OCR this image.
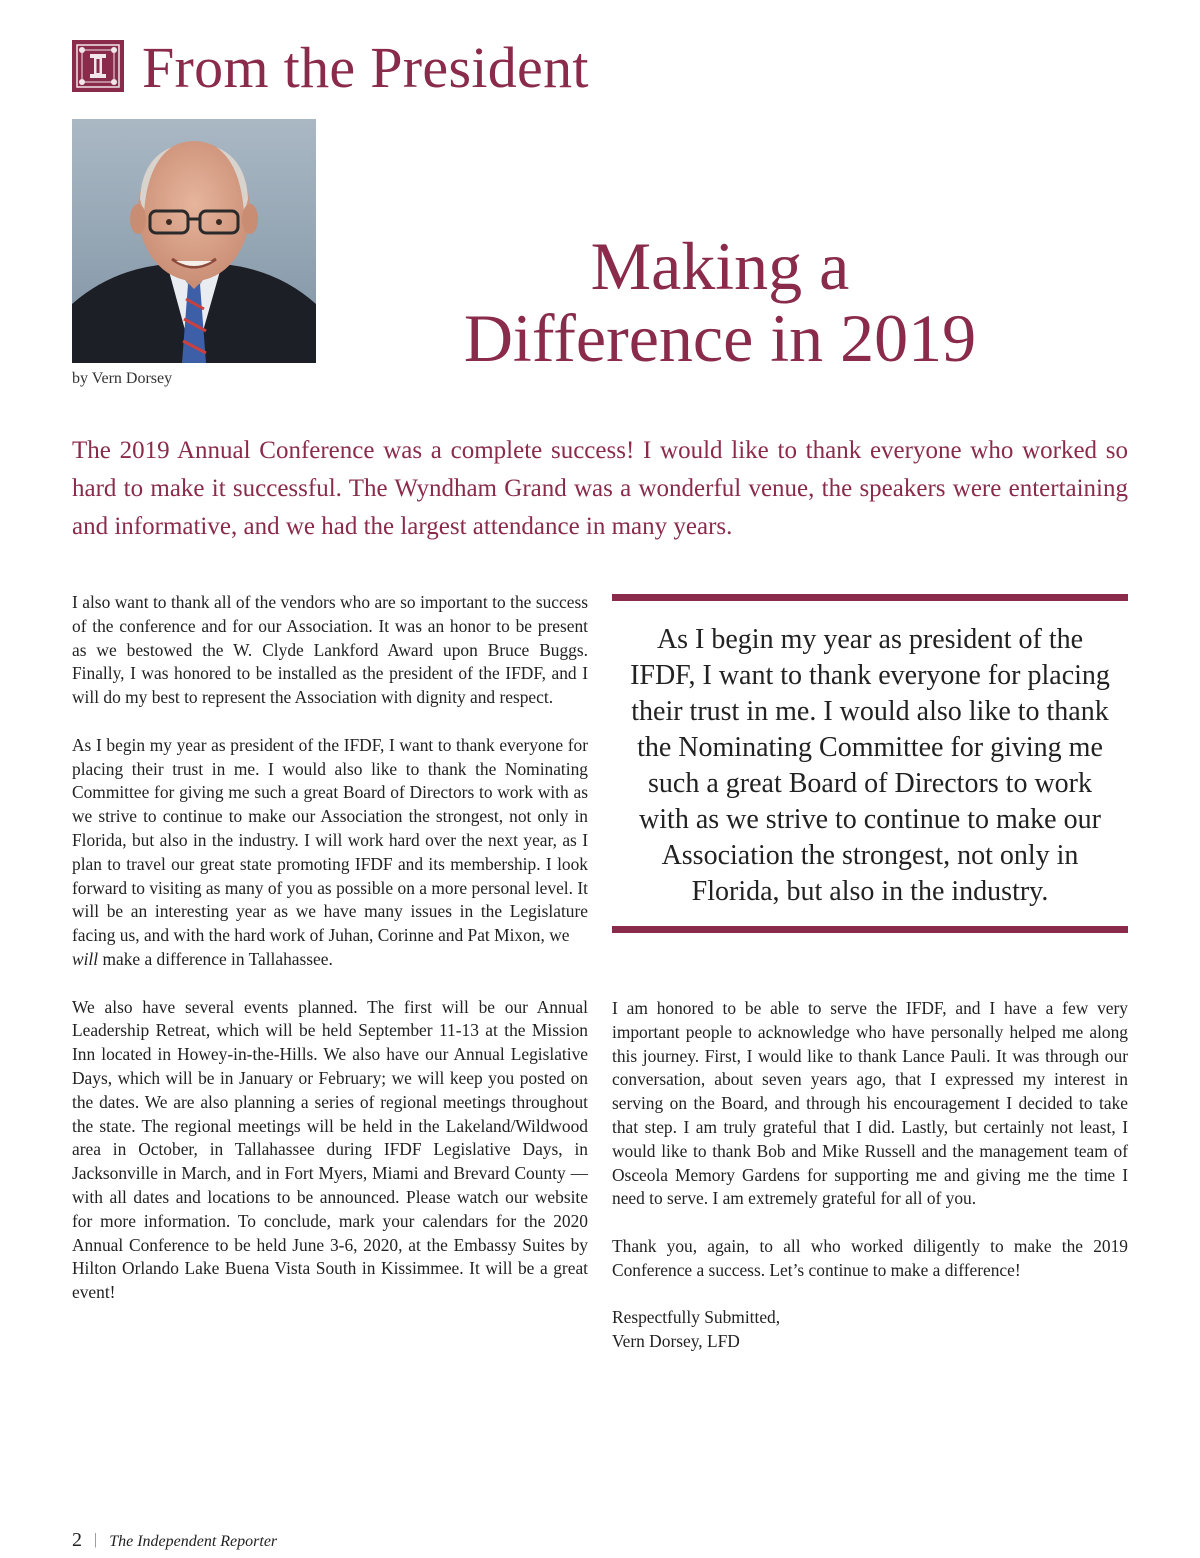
From the President
by Vern Dorsey
Making a
Difference in 2019
The 2019 Annual Conference was a complete success! I would like to thank everyone who worked so hard to make it successful. The Wyndham Grand was a wonderful venue, the speakers were entertaining and informative, and we had the largest attendance in many years.

I also want to thank all of the vendors who are so important to the success of the conference and for our Association. It was an honor to be present as we bestowed the W. Clyde Lankford Award upon Bruce Buggs. Finally, I was honored to be installed as the president of the IFDF, and I will do my best to represent the Association with dignity and respect.

As I begin my year as president of the IFDF, I want to thank everyone for placing their trust in me. I would also like to thank the Nominating Committee for giving me such a great Board of Directors to work with as we strive to continue to make our Association the strongest, not only in Florida, but also in the industry. I will work hard over the next year, as I plan to travel our great state promoting IFDF and its membership. I look forward to visiting as many of you as possible on a more personal level. It will be an interesting year as we have many issues in the Legislature facing us, and with the hard work of Juhan, Corinne and Pat Mixon, we
will make a difference in Tallahassee.

We also have several events planned. The first will be our Annual Leadership Retreat, which will be held September 11-13 at the Mission Inn located in Howey-in-the-Hills. We also have our Annual Legislative Days, which will be in January or February; we will keep you posted on the dates. We are also planning a series of regional meetings throughout the state. The regional meetings will be held in the Lakeland/Wildwood area in October, in Tallahassee during IFDF Legislative Days, in Jacksonville in March, and in Fort Myers, Miami and Brevard County — with all dates and locations to be announced. Please watch our website for more information. To conclude, mark your calendars for the 2020 Annual Conference to be held June 3-6, 2020, at the Embassy Suites by Hilton Orlando Lake Buena Vista South in Kissimmee. It will be a great event!

As I begin my year as president of the
IFDF, I want to thank everyone for placing
their trust in me. I would also like to thank
the Nominating Committee for giving me
such a great Board of Directors to work
with as we strive to continue to make our
Association the strongest, not only in
Florida, but also in the industry.

I am honored to be able to serve the IFDF, and I have a few very important people to acknowledge who have personally helped me along this journey. First, I would like to thank Lance Pauli. It was through our conversation, about seven years ago, that I expressed my interest in serving on the Board, and through his encouragement I decided to take that step. I am truly grateful that I did. Lastly, but certainly not least, I would like to thank Bob and Mike Russell and the management team of Osceola Memory Gardens for supporting me and giving me the time I need to serve. I am extremely grateful for all of you.

Thank you, again, to all who worked diligently to make the 2019 Conference a success. Let’s continue to make a difference!

Respectfully Submitted,
Vern Dorsey, LFD

2 | The Independent Reporter
